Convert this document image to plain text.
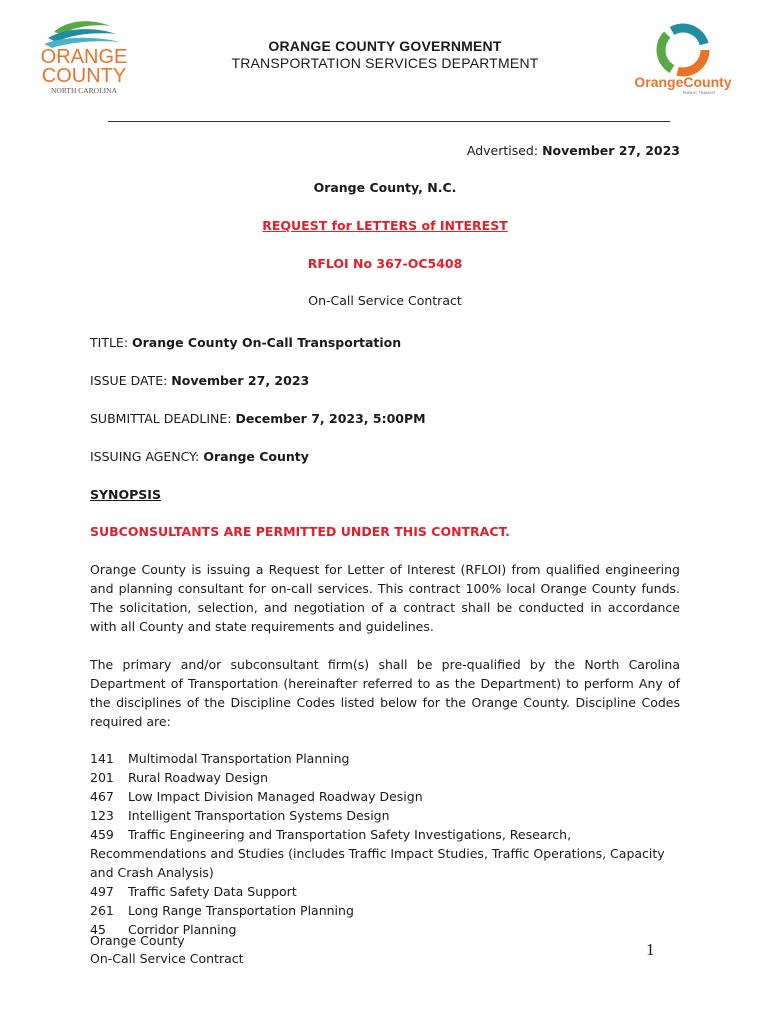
ORANGE
COUNTY
NORTH CAROLINA
ORANGE COUNTY GOVERNMENT
TRANSPORTATION SERVICES DEPARTMENT
OrangeCounty
PUBLIC TRANSIT
Advertised: November 27, 2023
Orange County, N.C.
REQUEST for LETTERS of INTEREST
RFLOI No 367-OC5408
On-Call Service Contract
TITLE: Orange County On-Call Transportation
ISSUE DATE: November 27, 2023
SUBMITTAL DEADLINE: December 7, 2023, 5:00PM
ISSUING AGENCY: Orange County
SYNOPSIS
SUBCONSULTANTS ARE PERMITTED UNDER THIS CONTRACT.
Orange County is issuing a Request for Letter of Interest (RFLOI) from qualified engineering and planning consultant for on-call services. This contract 100% local Orange County funds. The solicitation, selection, and negotiation of a contract shall be conducted in accordance with all County and state requirements and guidelines.
The primary and/or subconsultant firm(s) shall be pre-qualified by the North Carolina Department of Transportation (hereinafter referred to as the Department) to perform Any of the disciplines of the Discipline Codes listed below for the Orange County. Discipline Codes required are:
141 Multimodal Transportation Planning
201 Rural Roadway Design
467 Low Impact Division Managed Roadway Design
123 Intelligent Transportation Systems Design
459 Traffic Engineering and Transportation Safety Investigations, Research, Recommendations and Studies (includes Traffic Impact Studies, Traffic Operations, Capacity and Crash Analysis)
497 Traffic Safety Data Support
261 Long Range Transportation Planning
45 Corridor Planning
Orange County
On-Call Service Contract	1
